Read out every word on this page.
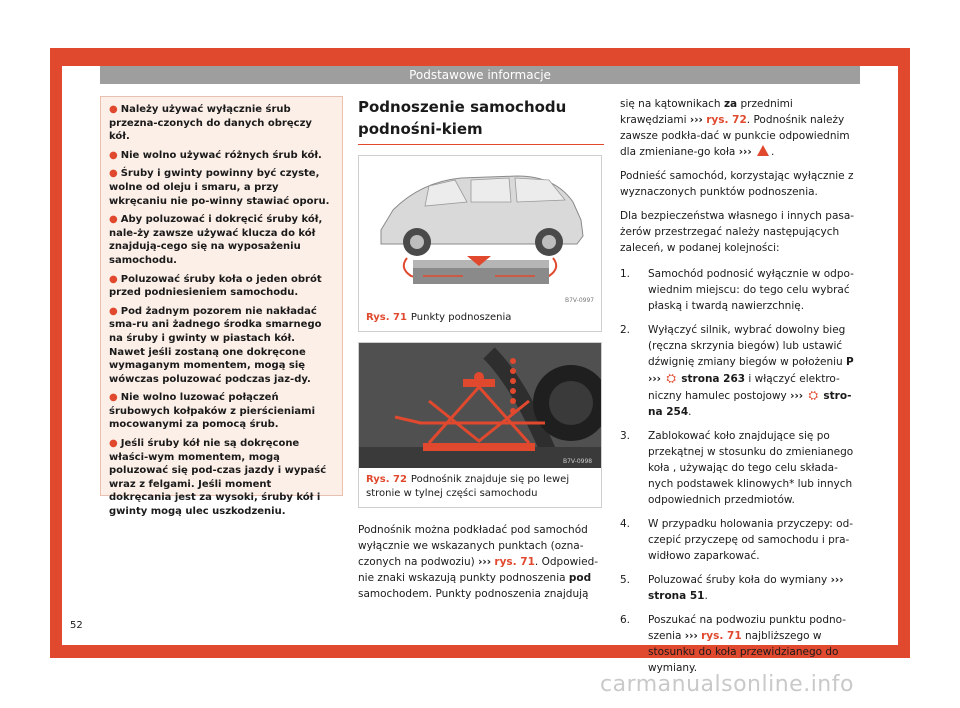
Podstawowe informacje

● Należy używać wyłącznie śrub przezna-czonych do danych obręczy kół.

● Nie wolno używać różnych śrub kół.

● Śruby i gwinty powinny być czyste, wolne od oleju i smaru, a przy wkręcaniu nie po-winny stawiać oporu.

● Aby poluzować i dokręcić śruby kół, nale-ży zawsze używać klucza do kół znajdują-cego się na wyposażeniu samochodu.

● Poluzować śruby koła o jeden obrót przed podniesieniem samochodu.

● Pod żadnym pozorem nie nakładać sma-ru ani żadnego środka smarnego na śruby i gwinty w piastach kół. Nawet jeśli zostaną one dokręcone wymaganym momentem, mogą się wówczas poluzować podczas jaz-dy.

● Nie wolno luzować połączeń śrubowych kołpaków z pierścieniami mocowanymi za pomocą śrub.

● Jeśli śruby kół nie są dokręcone właści-wym momentem, mogą poluzować się pod-czas jazdy i wypaść wraz z felgami. Jeśli moment dokręcania jest za wysoki, śruby kół i gwinty mogą ulec uszkodzeniu.

52
Podnoszenie samochodu podnośni-kiem
B7V-0997
Rys. 71 Punkty podnoszenia
B7V-0998
Rys. 72 Podnośnik znajduje się po lewej stronie w tylnej części samochodu

Podnośnik można podkładać pod samochód wyłącznie we wskazanych punktach (ozna-czonych na podwoziu) ››› rys. 71. Odpowied-nie znaki wskazują punkty podnoszenia pod samochodem. Punkty podnoszenia znajdują

się na kątownikach za przednimi krawędziami ››› rys. 72. Podnośnik należy zawsze podkła-dać w punkcie odpowiednim dla zmieniane-go koła ››› .

Podnieść samochód, korzystając wyłącznie z wyznaczonych punktów podnoszenia.

Dla bezpieczeństwa własnego i innych pasa-żerów przestrzegać należy następujących zaleceń, w podanej kolejności:

1.	Samochód podnosić wyłącznie w odpo-wiednim miejscu: do tego celu wybrać płaską i twardą nawierzchnię.
2.	Wyłączyć silnik, wybrać dowolny bieg (ręczna skrzynia biegów) lub ustawić dźwignię zmiany biegów w położeniu P ››› ⛭ strona 263 i włączyć elektro-niczny hamulec postojowy ››› ⛭ stro-na 254.
3.	Zablokować koło znajdujące się po przekątnej w stosunku do zmienianego koła , używając do tego celu składa-nych podstawek klinowych* lub innych odpowiednich przedmiotów.
4.	W przypadku holowania przyczepy: od-czepić przyczepę od samochodu i pra-widłowo zaparkować.
5.	Poluzować śruby koła do wymiany ››› strona 51.
6.	Poszukać na podwoziu punktu podno-szenia ››› rys. 71 najbliższego w stosunku do koła przewidzianego do wymiany.
carmanualsonline.info
